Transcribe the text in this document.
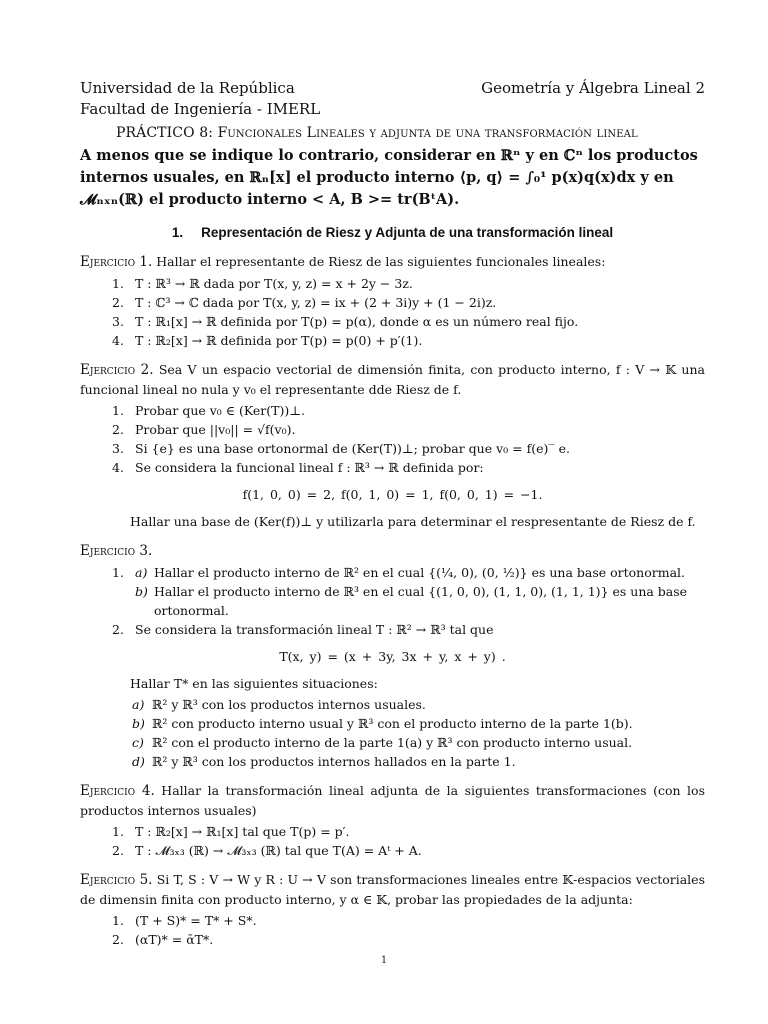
Universidad de la República	Geometría y Álgebra Lineal 2
Facultad de Ingeniería - IMERL
PRÁCTICO 8: Funcionales Lineales y adjunta de una transformación lineal
A menos que se indique lo contrario, considerar en ℝⁿ y en ℂⁿ los productos internos usuales, en ℝₙ[x] el producto interno ⟨p, q⟩ = ∫₀¹ p(x)q(x)dx y en 𝓜ₙₓₙ(ℝ) el producto interno < A, B >= tr(BᵗA).
1. Representación de Riesz y Adjunta de una transformación lineal
Ejercicio 1. Hallar el representante de Riesz de las siguientes funcionales lineales:
1. T : ℝ³ → ℝ dada por T(x, y, z) = x + 2y − 3z.
2. T : ℂ³ → ℂ dada por T(x, y, z) = ix + (2 + 3i)y + (1 − 2i)z.
3. T : ℝ₁[x] → ℝ definida por T(p) = p(α), donde α es un número real fijo.
4. T : ℝ₂[x] → ℝ definida por T(p) = p(0) + p′(1).
Ejercicio 2. Sea V un espacio vectorial de dimensión finita, con producto interno, f : V → 𝕂 una funcional lineal no nula y v₀ el representante dde Riesz de f.
1. Probar que v₀ ∈ (Ker(T))⊥.
2. Probar que ||v₀|| = √f(v₀).
3. Si {e} es una base ortonormal de (Ker(T))⊥; probar que v₀ = f(e)‾ e.
4. Se considera la funcional lineal f : ℝ³ → ℝ definida por:
f(1, 0, 0) = 2, f(0, 1, 0) = 1, f(0, 0, 1) = −1.
Hallar una base de (Ker(f))⊥ y utilizarla para determinar el respresentante de Riesz de f.
Ejercicio 3.
1. a) Hallar el producto interno de ℝ² en el cual {(¼, 0), (0, ½)} es una base ortonormal.
b) Hallar el producto interno de ℝ³ en el cual {(1, 0, 0), (1, 1, 0), (1, 1, 1)} es una base ortonormal.
2. Se considera la transformación lineal T : ℝ² → ℝ³ tal que
T(x, y) = (x + 3y, 3x + y, x + y) .
Hallar T* en las siguientes situaciones:
a) ℝ² y ℝ³ con los productos internos usuales.
b) ℝ² con producto interno usual y ℝ³ con el producto interno de la parte 1(b).
c) ℝ² con el producto interno de la parte 1(a) y ℝ³ con producto interno usual.
d) ℝ² y ℝ³ con los productos internos hallados en la parte 1.
Ejercicio 4. Hallar la transformación lineal adjunta de la siguientes transformaciones (con los productos internos usuales)
1. T : ℝ₂[x] → ℝ₁[x] tal que T(p) = p′.
2. T : 𝓜₃ₓ₃ (ℝ) → 𝓜₃ₓ₃ (ℝ) tal que T(A) = Aᵗ + A.
Ejercicio 5. Si T, S : V → W y R : U → V son transformaciones lineales entre 𝕂-espacios vectoriales de dimensin finita con producto interno, y α ∈ 𝕂, probar las propiedades de la adjunta:
1. (T + S)* = T* + S*.
2. (αT)* = ᾱT*.
1
